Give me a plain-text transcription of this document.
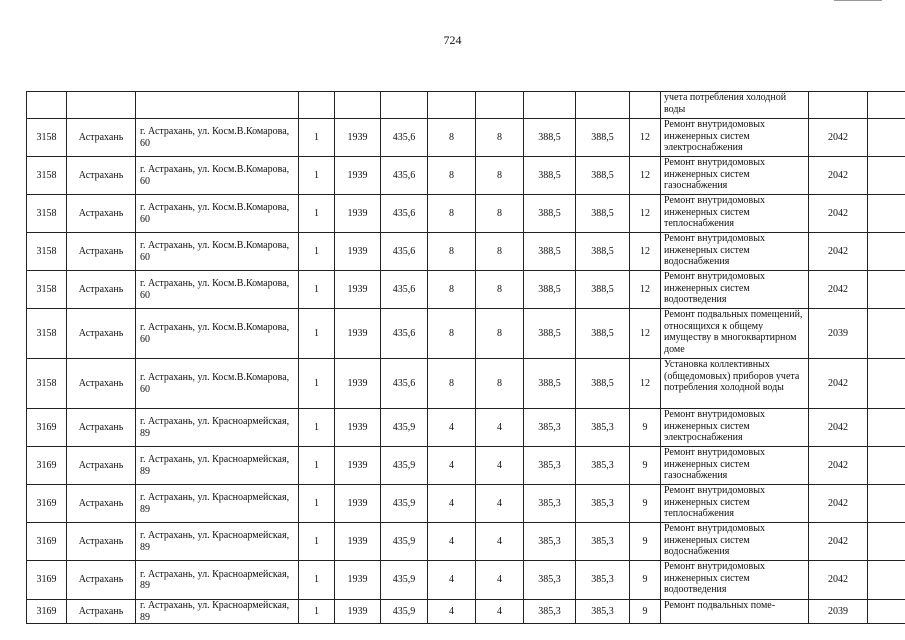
724
											учета потребления холодной воды		
3158	Астрахань	г. Астрахань, ул. Косм.В.Комарова, 60	1	1939	435,6	8	8	388,5	388,5	12	Ремонт внутридомовых инженерных систем электроснабжения	2042	
3158	Астрахань	г. Астрахань, ул. Косм.В.Комарова, 60	1	1939	435,6	8	8	388,5	388,5	12	Ремонт внутридомовых инженерных систем газоснабжения	2042	
3158	Астрахань	г. Астрахань, ул. Косм.В.Комарова, 60	1	1939	435,6	8	8	388,5	388,5	12	Ремонт внутридомовых инженерных систем теплоснабжения	2042	
3158	Астрахань	г. Астрахань, ул. Косм.В.Комарова, 60	1	1939	435,6	8	8	388,5	388,5	12	Ремонт внутридомовых инженерных систем водоснабжения	2042	
3158	Астрахань	г. Астрахань, ул. Косм.В.Комарова, 60	1	1939	435,6	8	8	388,5	388,5	12	Ремонт внутридомовых инженерных систем водоотведения	2042	
3158	Астрахань	г. Астрахань, ул. Косм.В.Комарова, 60	1	1939	435,6	8	8	388,5	388,5	12	Ремонт подвальных помещений, относящихся к общему имуществу в многоквартирном доме	2039	
3158	Астрахань	г. Астрахань, ул. Косм.В.Комарова, 60	1	1939	435,6	8	8	388,5	388,5	12	Установка коллективных (общедомовых) приборов учета потребления холодной воды	2042	
3169	Астрахань	г. Астрахань, ул. Красноармейская, 89	1	1939	435,9	4	4	385,3	385,3	9	Ремонт внутридомовых инженерных систем электроснабжения	2042	
3169	Астрахань	г. Астрахань, ул. Красноармейская, 89	1	1939	435,9	4	4	385,3	385,3	9	Ремонт внутридомовых инженерных систем газоснабжения	2042	
3169	Астрахань	г. Астрахань, ул. Красноармейская, 89	1	1939	435,9	4	4	385,3	385,3	9	Ремонт внутридомовых инженерных систем теплоснабжения	2042	
3169	Астрахань	г. Астрахань, ул. Красноармейская, 89	1	1939	435,9	4	4	385,3	385,3	9	Ремонт внутридомовых инженерных систем водоснабжения	2042	
3169	Астрахань	г. Астрахань, ул. Красноармейская, 89	1	1939	435,9	4	4	385,3	385,3	9	Ремонт внутридомовых инженерных систем водоотведения	2042	
3169	Астрахань	г. Астрахань, ул. Красноармейская, 89	1	1939	435,9	4	4	385,3	385,3	9	Ремонт подвальных поме-	2039	
